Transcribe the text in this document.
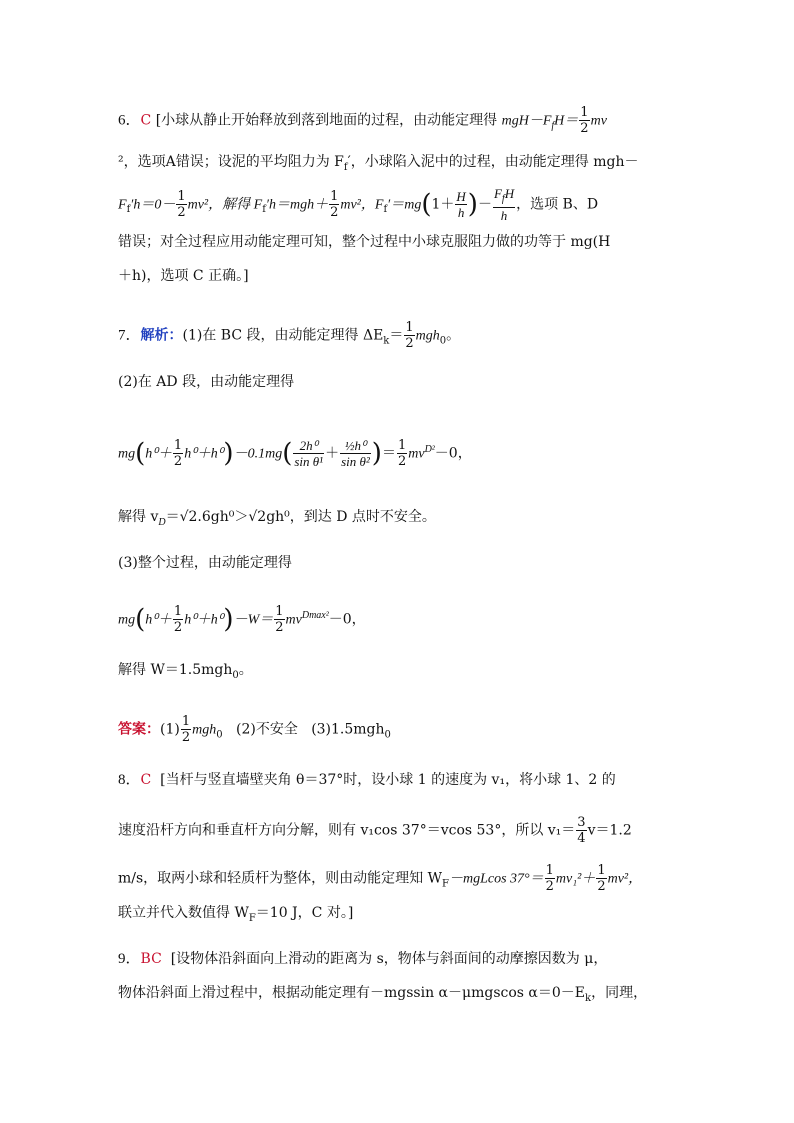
6．C [小球从静止开始释放到落到地面的过程，由动能定理得 $mgH-F_fH= \frac{1}{2}$ mv
²，选项A错误；设泥的平均阻力为 $F_f'$，小球陷入泥中的过程，由动能定理得 mgh－
$F_f'h=0- \frac{1}{2} mv^2$，解得 $F_f'h=mgh+ \frac{1}{2} mv^2$，$F_f'=mg(1+ \frac{H}{h}$ )－ $\frac{F_fH}{h}$ ，选项 B、D
错误；对全过程应用动能定理可知，整个过程中小球克服阻力做的功等于 mg(H
＋h)，选项 C 正确。]
7．解析：(1)在 BC 段，由动能定理得 $\Delta E_k= \frac{1}{2} mgh_0$。
(2)在 AD 段，由动能定理得
$mg(h^0+ \frac{1}{2} h^0+h^0)-0.1mg( \frac{\text{2h⁰}}{\text{sin θ¹}} + \frac{\text{½h⁰}}{\text{sin θ²}}$ )＝ $\frac{1}{2} mv^{D^2}-0$，
解得 $v_D=√2.6gh^0>√2gh^0$，到达 D 点时不安全。
(3)整个过程，由动能定理得
$mg(h^0+ \frac{1}{2} h^0+h^0)-W= \frac{1}{2} mv^{Dmax^2}-0$，
解得 W＝1.5mgh$_0$。
答案：$(1) \frac{1}{2} mgh_0$ (2)不安全 (3)1.5mgh$_0$
8．C [当杆与竖直墙壁夹角 θ＝37°时，设小球 1 的速度为 v₁，将小球 1、2 的
速度沿杆方向和垂直杆方向分解，则有 v₁cos 37°＝vcos 53°，所以 $v_1= \frac{3}{4} v=1.2$
m/s，取两小球和轻质杆为整体，则由动能定理知 $W_F-mgLcos$ $37^\circ= \frac{1}{2} mv_1^2+ \frac{1}{2} mv^2$，
联立并代入数值得 $W_F=10$ J，C 对。]
9．BC [设物体沿斜面向上滑动的距离为 s，物体与斜面间的动摩擦因数为 μ，
物体沿斜面上滑过程中，根据动能定理有－mgssin α－μmgscos $\alpha=0-E_k$，同理，
